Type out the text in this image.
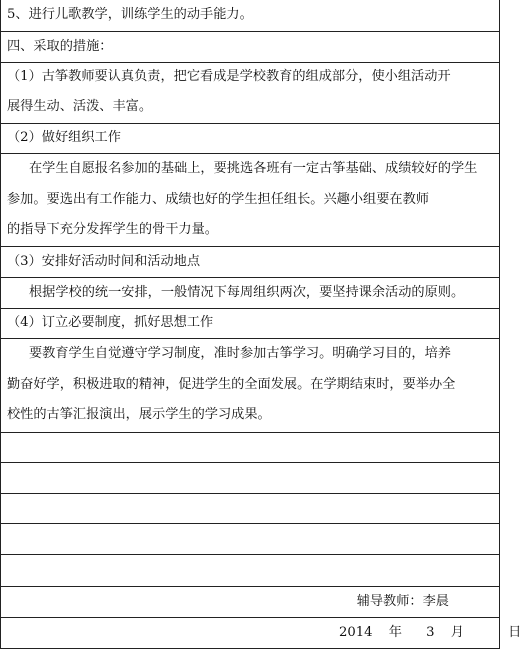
5、进行儿歌教学，训练学生的动手能力。
四、采取的措施：
（1）古筝教师要认真负责，把它看成是学校教育的组成部分，使小组活动开
展得生动、活泼、丰富。
（2）做好组织工作
在学生自愿报名参加的基础上，要挑选各班有一定古筝基础、成绩较好的学生
参加。要选出有工作能力、成绩也好的学生担任组长。兴趣小组要在教师
的指导下充分发挥学生的骨干力量。
（3）安排好活动时间和活动地点
根据学校的统一安排，一般情况下每周组织两次，要坚持课余活动的原则。
（4）订立必要制度，抓好思想工作
要教育学生自觉遵守学习制度，准时参加古筝学习。明确学习目的，培养
勤奋好学，积极进取的精神，促进学生的全面发展。在学期结束时，要举办全
校性的古筝汇报演出，展示学生的学习成果。
辅导教师：李晨
2014 年 3 月	日
